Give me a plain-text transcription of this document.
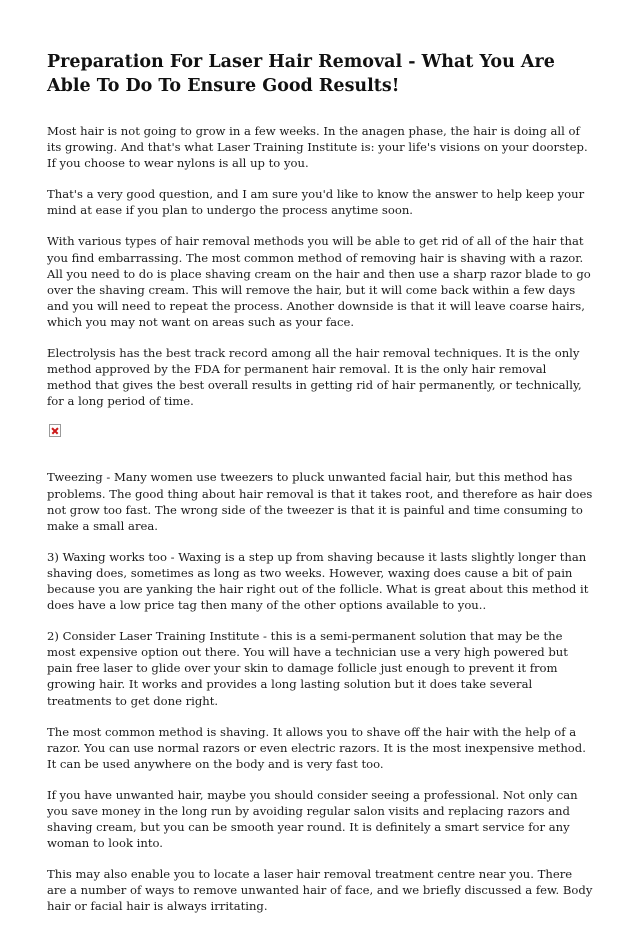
Preparation For Laser Hair Removal - What You Are Able To Do To Ensure Good Results!

Most hair is not going to grow in a few weeks. In the anagen phase, the hair is doing all of its growing. And that's what Laser Training Institute is: your life's visions on your doorstep. If you choose to wear nylons is all up to you.

That's a very good question, and I am sure you'd like to know the answer to help keep your mind at ease if you plan to undergo the process anytime soon.

With various types of hair removal methods you will be able to get rid of all of the hair that you find embarrassing. The most common method of removing hair is shaving with a razor. All you need to do is place shaving cream on the hair and then use a sharp razor blade to go over the shaving cream. This will remove the hair, but it will come back within a few days and you will need to repeat the process. Another downside is that it will leave coarse hairs, which you may not want on areas such as your face.

Electrolysis has the best track record among all the hair removal techniques. It is the only method approved by the FDA for permanent hair removal. It is the only hair removal method that gives the best overall results in getting rid of hair permanently, or technically, for a long period of time.

Tweezing - Many women use tweezers to pluck unwanted facial hair, but this method has problems. The good thing about hair removal is that it takes root, and therefore as hair does not grow too fast. The wrong side of the tweezer is that it is painful and time consuming to make a small area.

3) Waxing works too - Waxing is a step up from shaving because it lasts slightly longer than shaving does, sometimes as long as two weeks. However, waxing does cause a bit of pain because you are yanking the hair right out of the follicle. What is great about this method it does have a low price tag then many of the other options available to you..

2) Consider Laser Training Institute - this is a semi-permanent solution that may be the most expensive option out there. You will have a technician use a very high powered but pain free laser to glide over your skin to damage follicle just enough to prevent it from growing hair. It works and provides a long lasting solution but it does take several treatments to get done right.

The most common method is shaving. It allows you to shave off the hair with the help of a razor. You can use normal razors or even electric razors. It is the most inexpensive method. It can be used anywhere on the body and is very fast too.

If you have unwanted hair, maybe you should consider seeing a professional. Not only can you save money in the long run by avoiding regular salon visits and replacing razors and shaving cream, but you can be smooth year round. It is definitely a smart service for any woman to look into.

This may also enable you to locate a laser hair removal treatment centre near you. There are a number of ways to remove unwanted hair of face, and we briefly discussed a few. Body hair or facial hair is always irritating.
